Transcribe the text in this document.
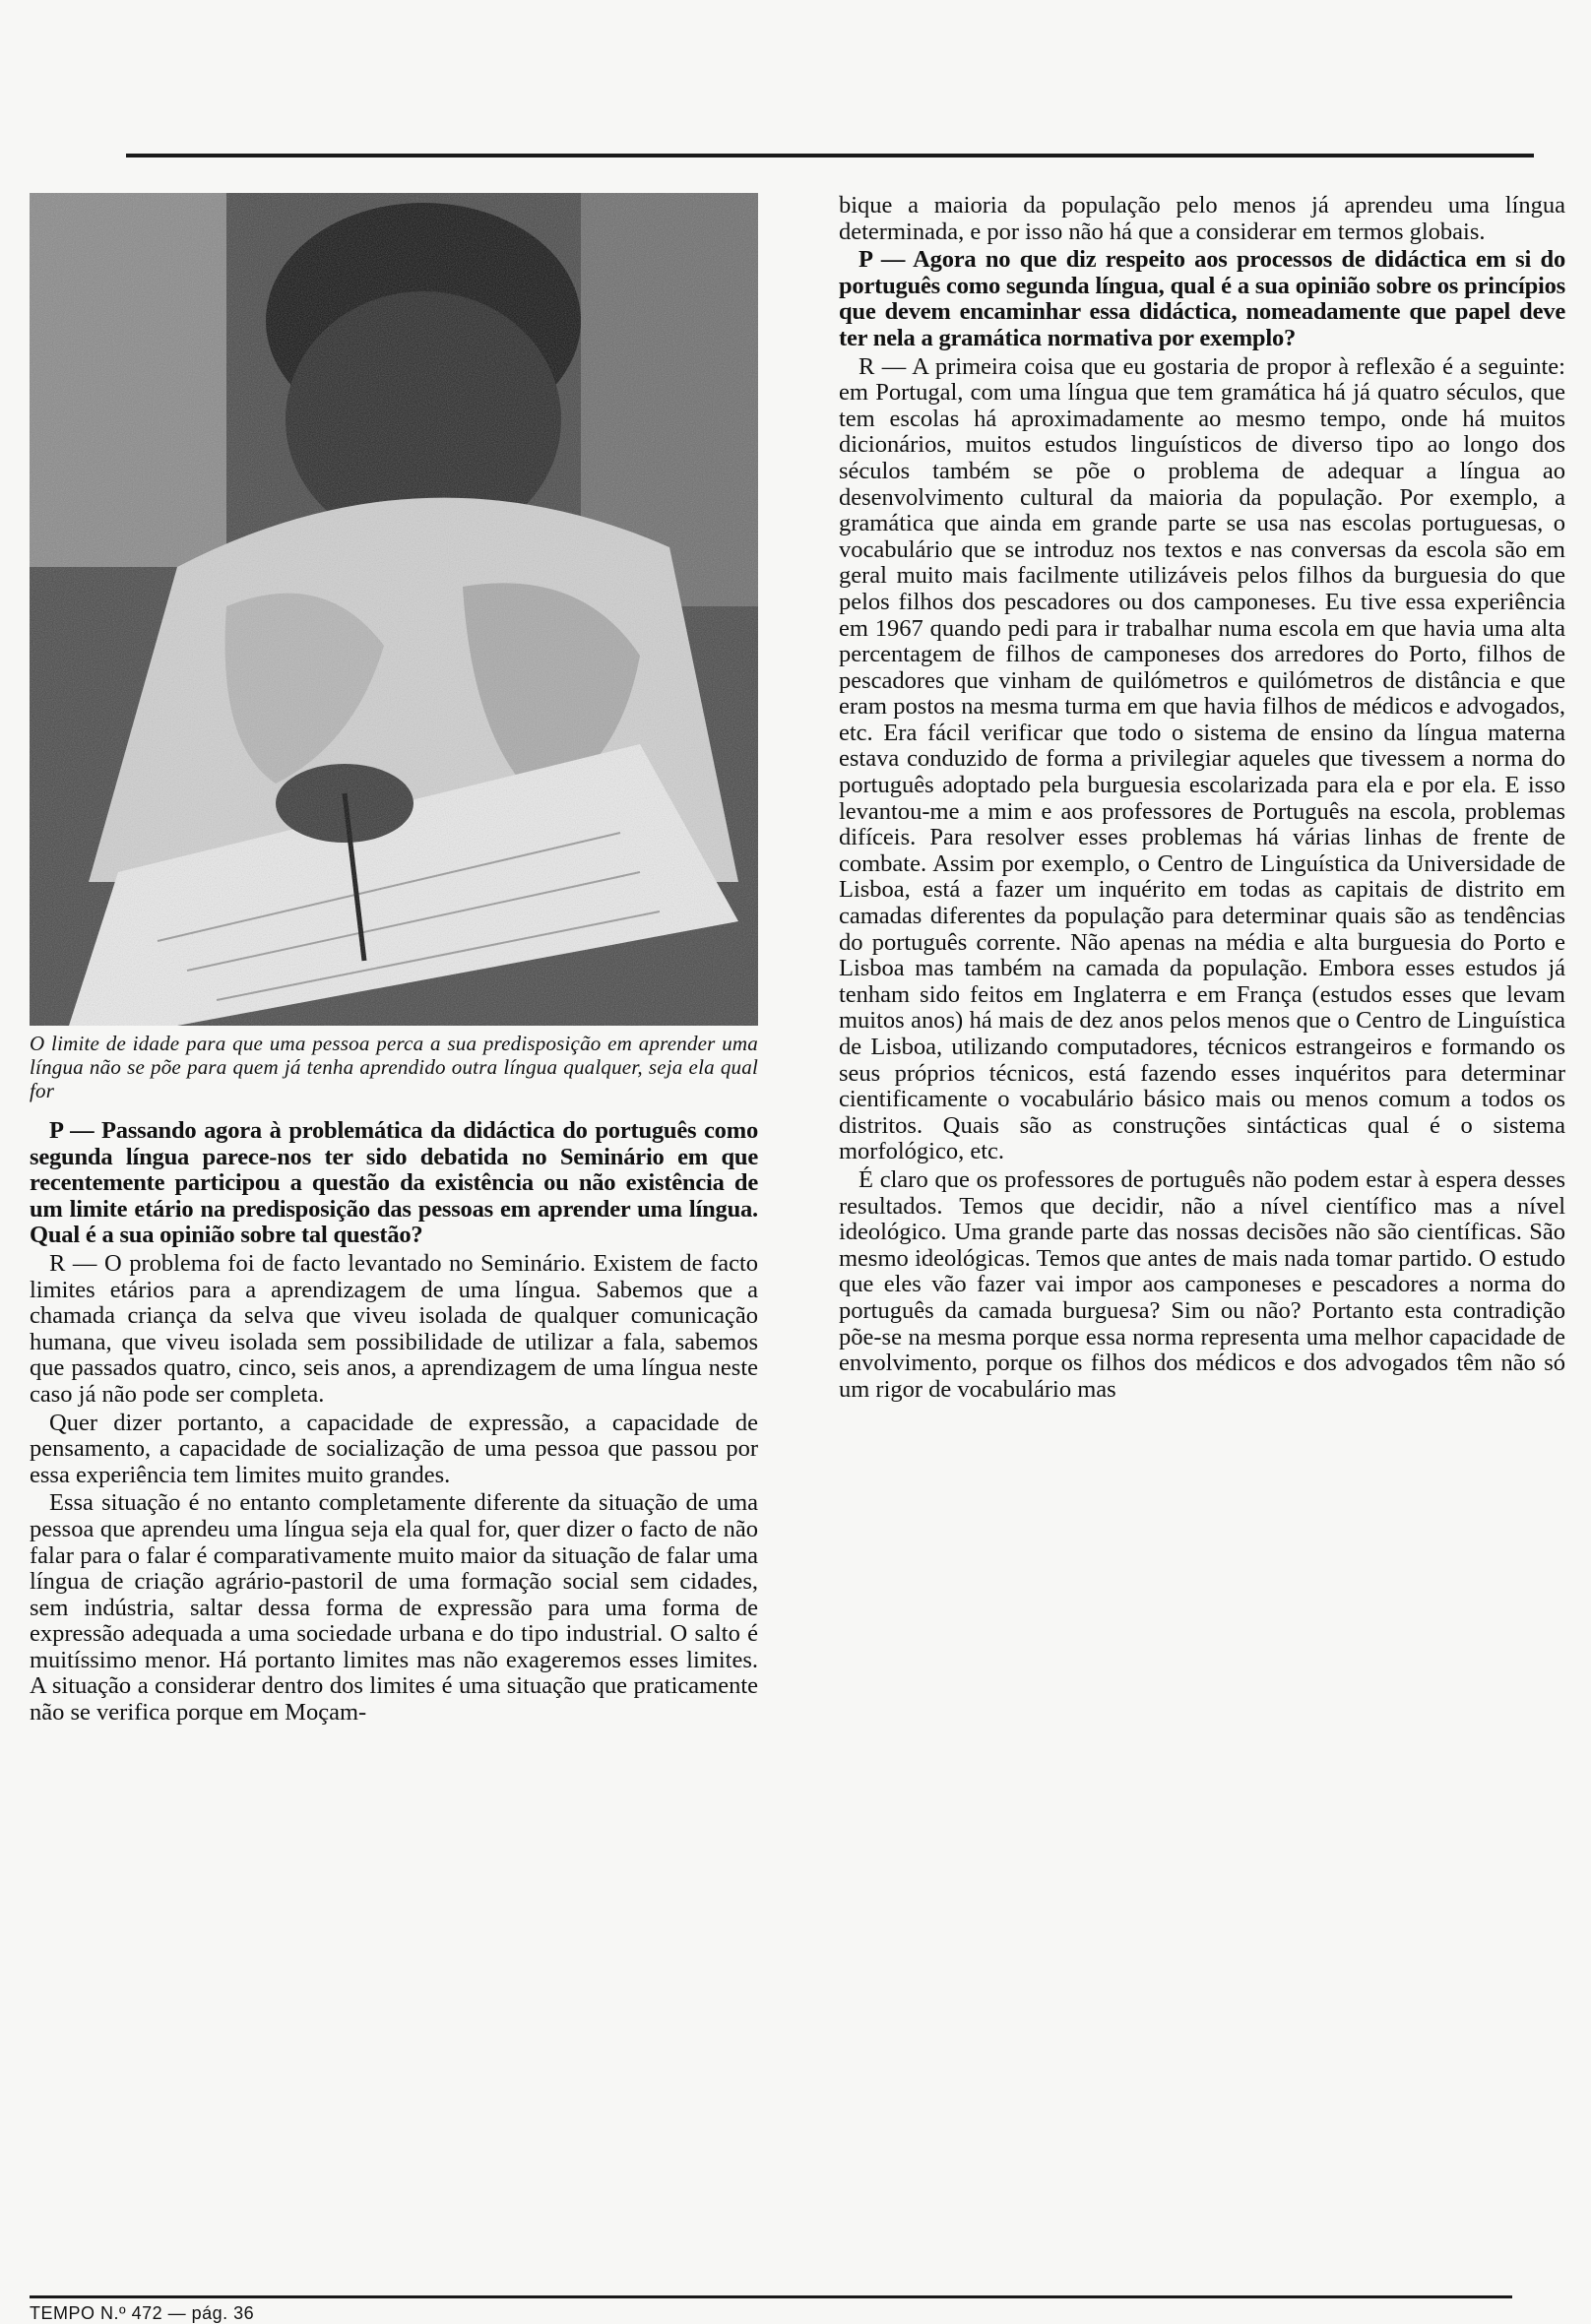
O limite de idade para que uma pessoa perca a sua predisposição em aprender uma língua não se põe para quem já tenha aprendido outra língua qualquer, seja ela qual for

P — Passando agora à problemática da didáctica do português como segunda língua parece-nos ter sido debatida no Seminário em que recentemente participou a questão da existência ou não existência de um limite etário na predisposição das pessoas em aprender uma língua. Qual é a sua opinião sobre tal questão?

R — O problema foi de facto levantado no Seminário. Existem de facto limites etários para a aprendizagem de uma língua. Sabemos que a chamada criança da selva que viveu isolada de qualquer comunicação humana, que viveu isolada sem possibilidade de utilizar a fala, sabemos que passados quatro, cinco, seis anos, a aprendizagem de uma língua neste caso já não pode ser completa.

Quer dizer portanto, a capacidade de expressão, a capacidade de pensamento, a capacidade de socialização de uma pessoa que passou por essa experiência tem limites muito grandes.

Essa situação é no entanto completamente diferente da situação de uma pessoa que aprendeu uma língua seja ela qual for, quer dizer o facto de não falar para o falar é comparativamente muito maior da situação de falar uma língua de criação agrário-pastoril de uma formação social sem cidades, sem indústria, saltar dessa forma de expressão para uma forma de expressão adequada a uma sociedade urbana e do tipo industrial. O salto é muitíssimo menor. Há portanto limites mas não exageremos esses limites. A situação a considerar dentro dos limites é uma situação que praticamente não se verifica porque em Moçam-

bique a maioria da população pelo menos já aprendeu uma língua determinada, e por isso não há que a considerar em termos globais.

P — Agora no que diz respeito aos processos de didáctica em si do português como segunda língua, qual é a sua opinião sobre os princípios que devem encaminhar essa didáctica, nomeadamente que papel deve ter nela a gramática normativa por exemplo?

R — A primeira coisa que eu gostaria de propor à reflexão é a seguinte: em Portugal, com uma língua que tem gramática há já quatro séculos, que tem escolas há aproximadamente ao mesmo tempo, onde há muitos dicionários, muitos estudos linguísticos de diverso tipo ao longo dos séculos também se põe o problema de adequar a língua ao desenvolvimento cultural da maioria da população. Por exemplo, a gramática que ainda em grande parte se usa nas escolas portuguesas, o vocabulário que se introduz nos textos e nas conversas da escola são em geral muito mais facilmente utilizáveis pelos filhos da burguesia do que pelos filhos dos pescadores ou dos camponeses. Eu tive essa experiência em 1967 quando pedi para ir trabalhar numa escola em que havia uma alta percentagem de filhos de camponeses dos arredores do Porto, filhos de pescadores que vinham de quilómetros e quilómetros de distância e que eram postos na mesma turma em que havia filhos de médicos e advogados, etc. Era fácil verificar que todo o sistema de ensino da língua materna estava conduzido de forma a privilegiar aqueles que tivessem a norma do português adoptado pela burguesia escolarizada para ela e por ela. E isso levantou-me a mim e aos professores de Português na escola, problemas difíceis. Para resolver esses problemas há várias linhas de frente de combate. Assim por exemplo, o Centro de Linguística da Universidade de Lisboa, está a fazer um inquérito em todas as capitais de distrito em camadas diferentes da população para determinar quais são as tendências do português corrente. Não apenas na média e alta burguesia do Porto e Lisboa mas também na camada da população. Embora esses estudos já tenham sido feitos em Inglaterra e em França (estudos esses que levam muitos anos) há mais de dez anos pelos menos que o Centro de Linguística de Lisboa, utilizando computadores, técnicos estrangeiros e formando os seus próprios técnicos, está fazendo esses inquéritos para determinar cientificamente o vocabulário básico mais ou menos comum a todos os distritos. Quais são as construções sintácticas qual é o sistema morfológico, etc.

É claro que os professores de português não podem estar à espera desses resultados. Temos que decidir, não a nível científico mas a nível ideológico. Uma grande parte das nossas decisões não são científicas. São mesmo ideológicas. Temos que antes de mais nada tomar partido. O estudo que eles vão fazer vai impor aos camponeses e pescadores a norma do português da camada burguesa? Sim ou não? Portanto esta contradição põe-se na mesma porque essa norma representa uma melhor capacidade de envolvimento, porque os filhos dos médicos e dos advogados têm não só um rigor de vocabulário mas

TEMPO N.º 472 — pág. 36
